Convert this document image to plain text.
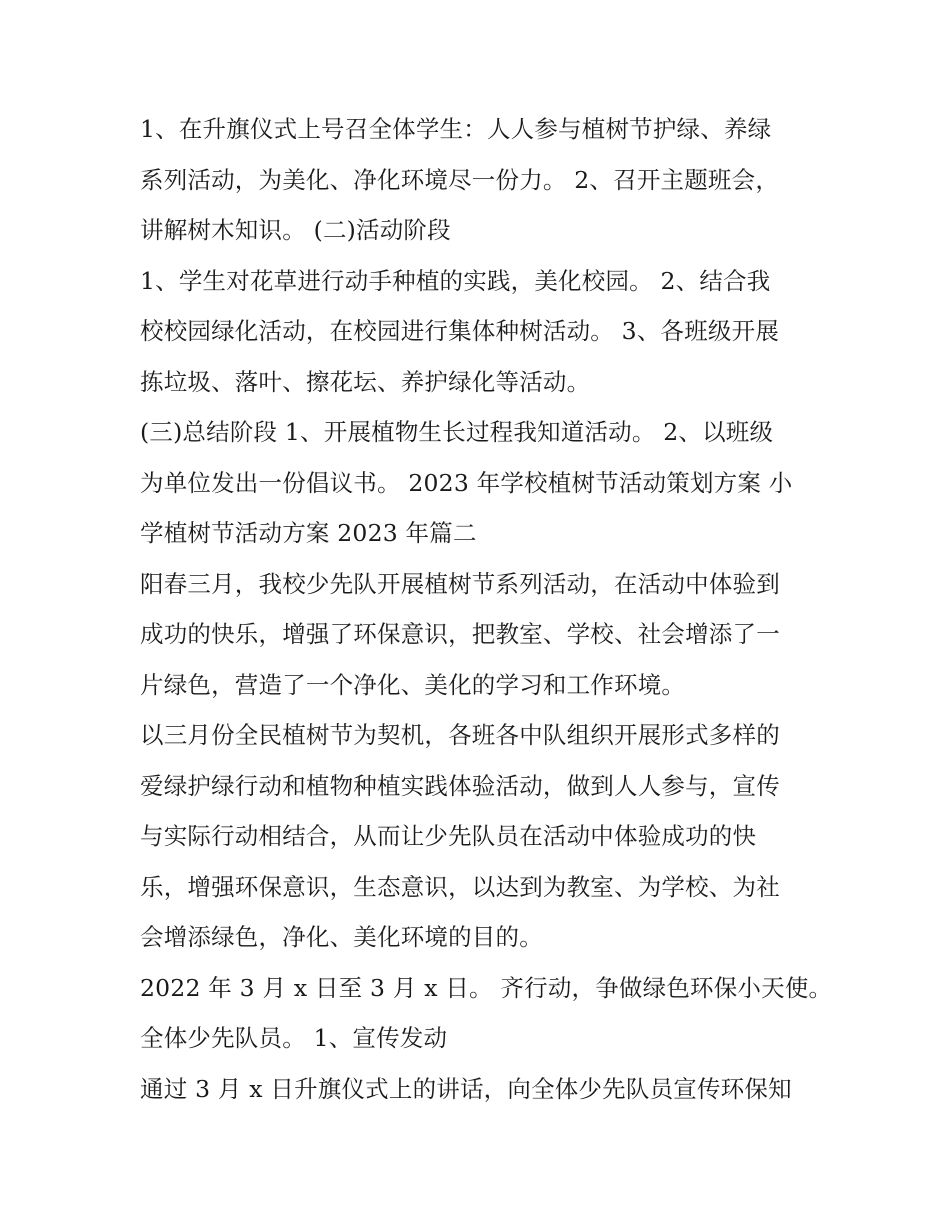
1、在升旗仪式上号召全体学生：人人参与植树节护绿、养绿
系列活动，为美化、净化环境尽一份力。 2、召开主题班会，
讲解树木知识。 (二)活动阶段
1、学生对花草进行动手种植的实践，美化校园。 2、结合我
校校园绿化活动，在校园进行集体种树活动。 3、各班级开展
拣垃圾、落叶、擦花坛、养护绿化等活动。
(三)总结阶段 1、开展植物生长过程我知道活动。 2、以班级
为单位发出一份倡议书。 2023 年学校植树节活动策划方案 小
学植树节活动方案 2023 年篇二
阳春三月，我校少先队开展植树节系列活动，在活动中体验到
成功的快乐，增强了环保意识，把教室、学校、社会增添了一
片绿色，营造了一个净化、美化的学习和工作环境。
以三月份全民植树节为契机，各班各中队组织开展形式多样的
爱绿护绿行动和植物种植实践体验活动，做到人人参与，宣传
与实际行动相结合，从而让少先队员在活动中体验成功的快
乐，增强环保意识，生态意识，以达到为教室、为学校、为社
会增添绿色，净化、美化环境的目的。
2022 年 3 月 x 日至 3 月 x 日。 齐行动，争做绿色环保小天使。
全体少先队员。 1、宣传发动
通过 3 月 x 日升旗仪式上的讲话，向全体少先队员宣传环保知
